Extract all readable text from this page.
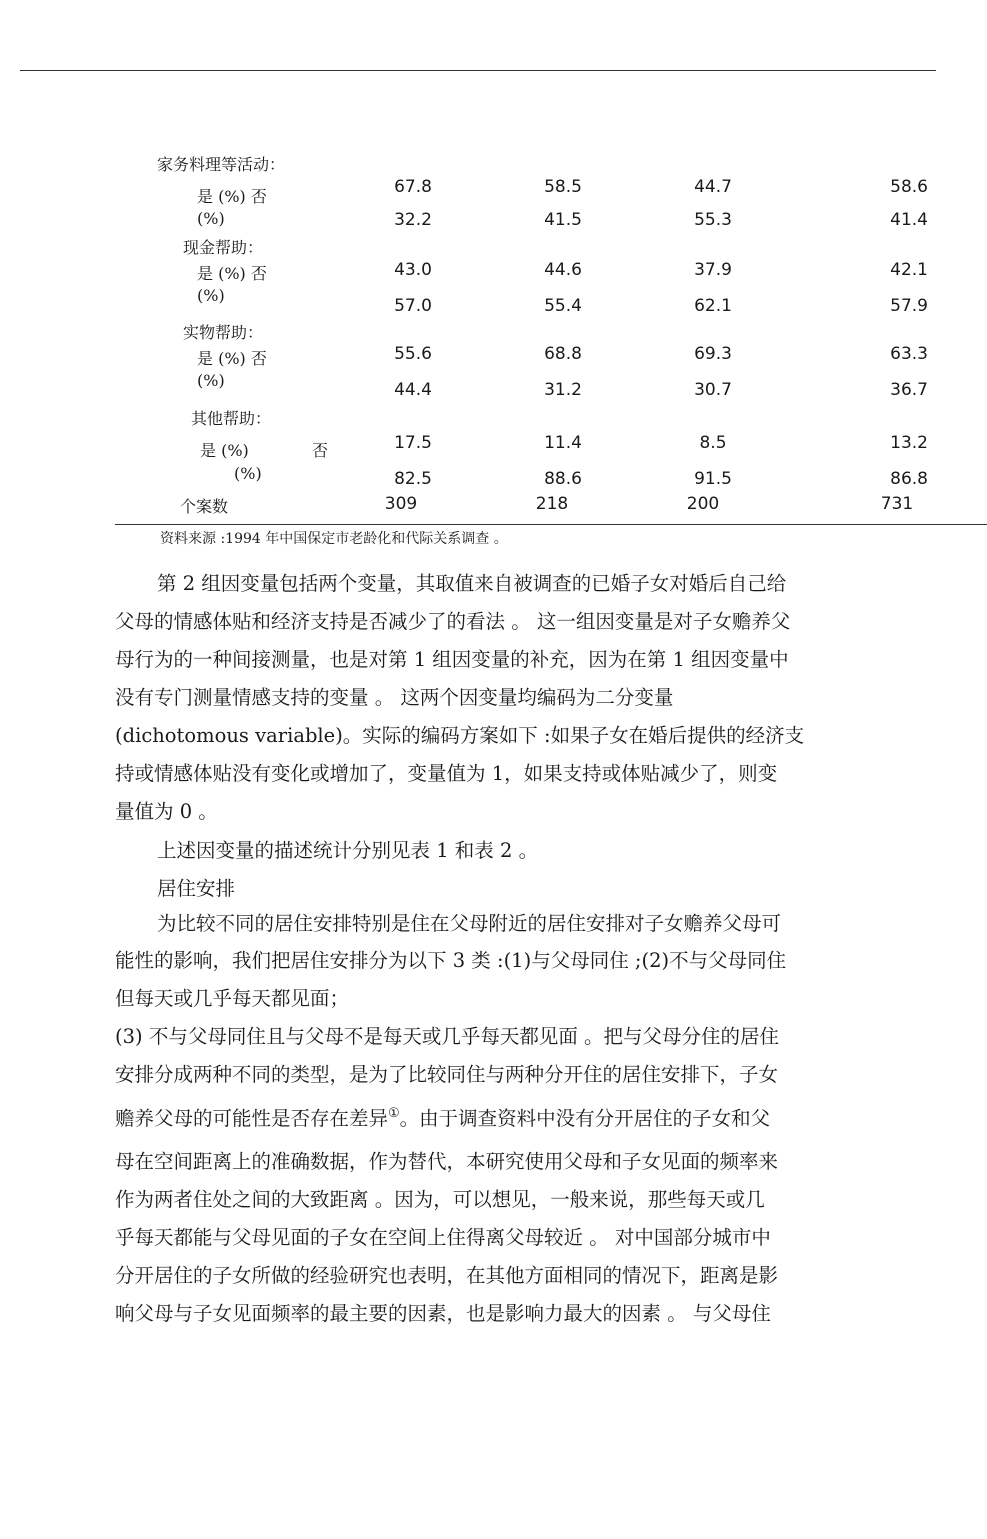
家务料理等活动：
是 (%) 否
(%)
67.8	58.5	44.7	58.6
32.2	41.5	55.3	41.4
现金帮助：
是 (%) 否
(%)
43.0	44.6	37.9	42.1
57.0	55.4	62.1	57.9
实物帮助：
是 (%) 否
(%)
55.6	68.8	69.3	63.3
44.4	31.2	30.7	36.7
其他帮助：
是 (%)	否
(%)
17.5	11.4	8.5	13.2
82.5	88.6	91.5	86.8
个案数	309	218	200	731
资料来源 :1994 年中国保定市老龄化和代际关系调查 。
第 2 组因变量包括两个变量，其取值来自被调查的已婚子女对婚后自己给
父母的情感体贴和经济支持是否减少了的看法 。 这一组因变量是对子女赡养父
母行为的一种间接测量，也是对第 1 组因变量的补充，因为在第 1 组因变量中
没有专门测量情感支持的变量 。 这两个因变量均编码为二分变量
(dichotomous variable)。实际的编码方案如下 :如果子女在婚后提供的经济支
持或情感体贴没有变化或增加了，变量值为 1，如果支持或体贴减少了，则变
量值为 0 。
上述因变量的描述统计分别见表 1 和表 2 。
居住安排
为比较不同的居住安排特别是住在父母附近的居住安排对子女赡养父母可
能性的影响，我们把居住安排分为以下 3 类 :(1)与父母同住 ;(2)不与父母同住
但每天或几乎每天都见面；
(3) 不与父母同住且与父母不是每天或几乎每天都见面 。把与父母分住的居住
安排分成两种不同的类型，是为了比较同住与两种分开住的居住安排下，子女
赡养父母的可能性是否存在差异①。由于调查资料中没有分开居住的子女和父
母在空间距离上的准确数据，作为替代，本研究使用父母和子女见面的频率来
作为两者住处之间的大致距离 。因为，可以想见，一般来说，那些每天或几
乎每天都能与父母见面的子女在空间上住得离父母较近 。 对中国部分城市中
分开居住的子女所做的经验研究也表明，在其他方面相同的情况下，距离是影
响父母与子女见面频率的最主要的因素，也是影响力最大的因素 。 与父母住
